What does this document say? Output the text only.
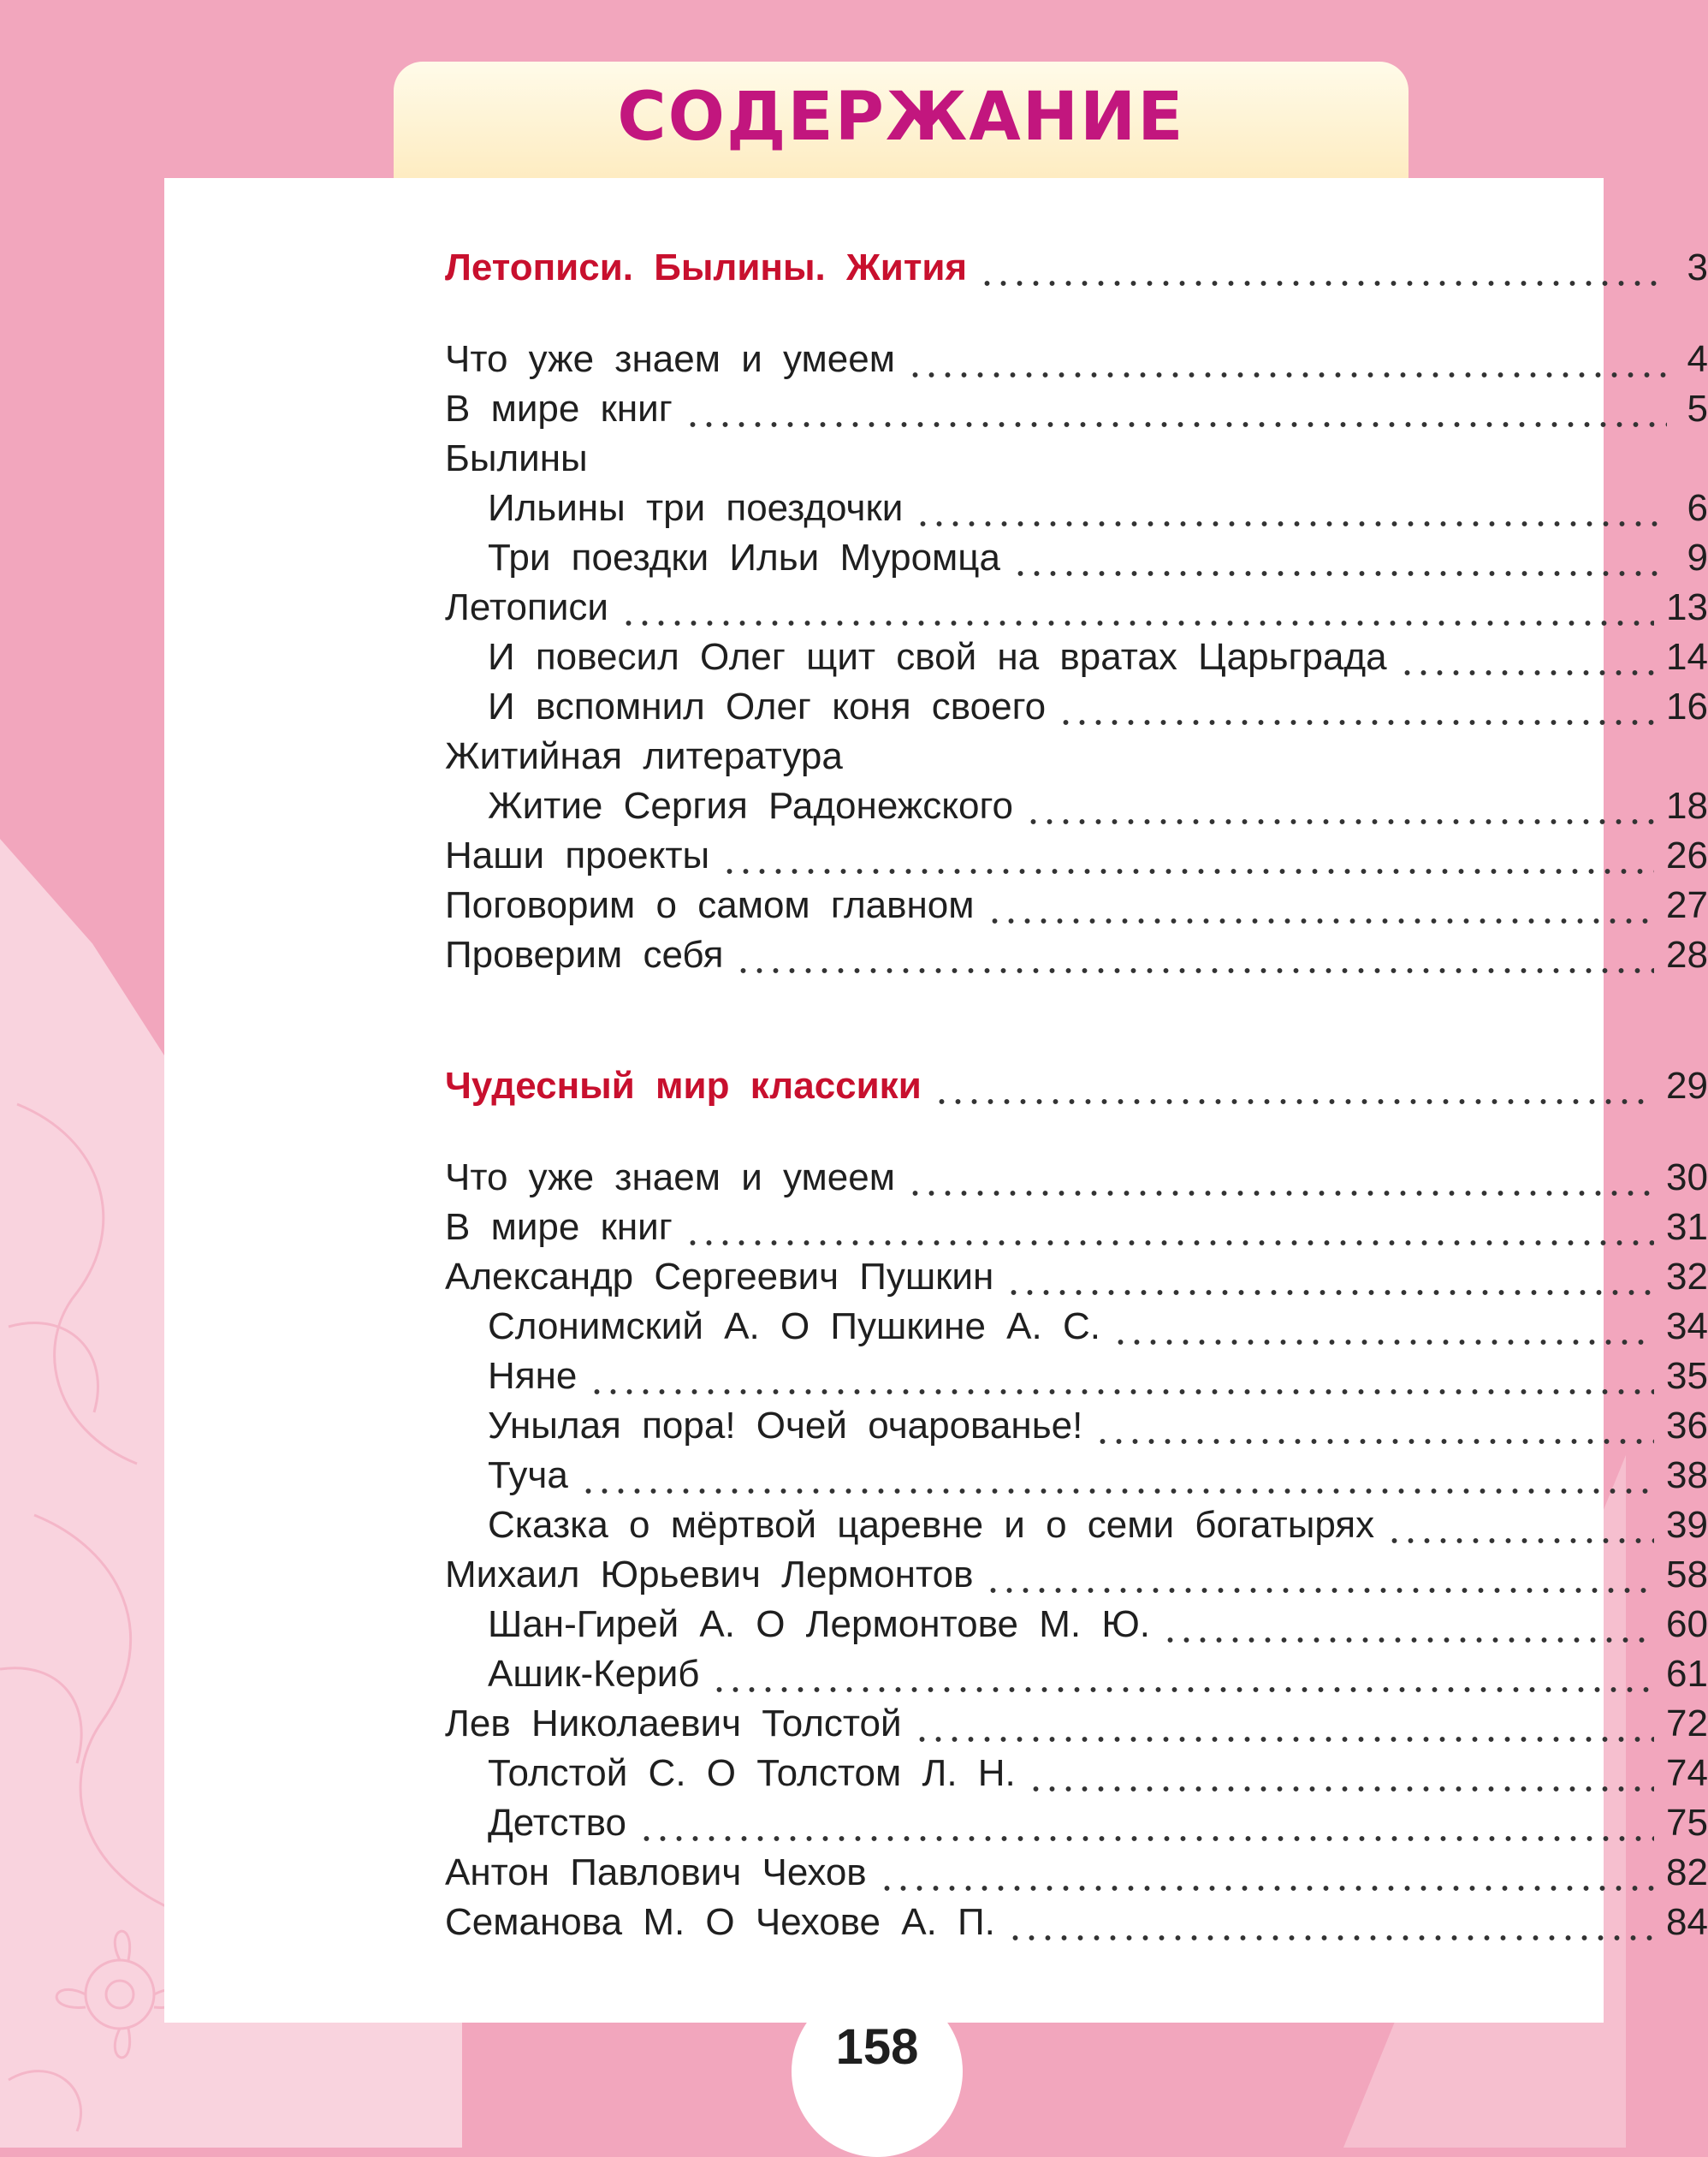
СОДЕРЖАНИЕ
Летописи. Былины. Жития	3
Что уже знаем и умеем	4
В мире книг	5
Былины
Ильины три поездочки	6
Три поездки Ильи Муромца	9
Летописи	13
И повесил Олег щит свой на вратах Царьграда	14
И вспомнил Олег коня своего	16
Житийная литература
Житие Сергия Радонежского	18
Наши проекты	26
Поговорим о самом главном	27
Проверим себя	28
Чудесный мир классики	29
Что уже знаем и умеем	30
В мире книг	31
Александр Сергеевич Пушкин	32
Слонимский А. О Пушкине А. С.	34
Няне	35
Унылая пора! Очей очарованье!	36
Туча	38
Сказка о мёртвой царевне и о семи богатырях	39
Михаил Юрьевич Лермонтов	58
Шан-Гирей А. О Лермонтове М. Ю.	60
Ашик-Кериб	61
Лев Николаевич Толстой	72
Толстой С. О Толстом Л. Н.	74
Детство	75
Антон Павлович Чехов	82
Семанова М. О Чехове А. П.	84
158
